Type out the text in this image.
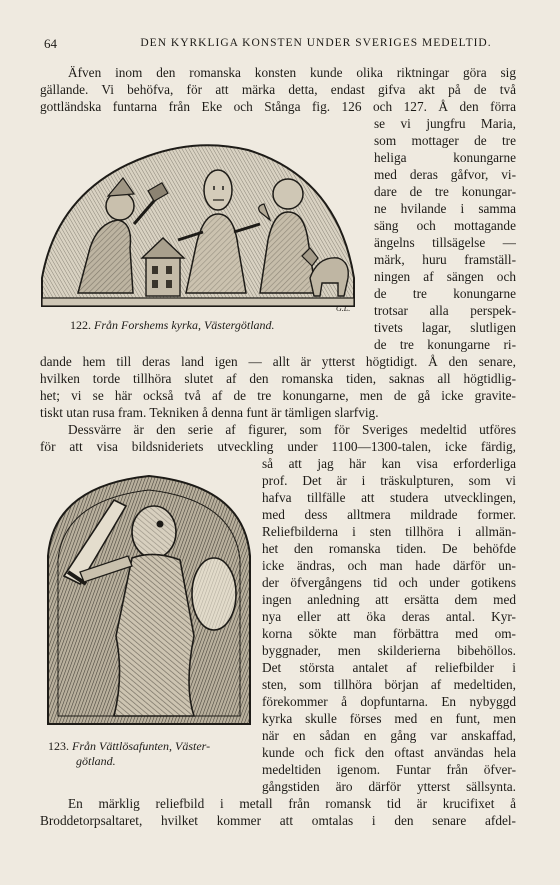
64	DEN KYRKLIGA KONSTEN UNDER SVERIGES MEDELTID.
G.L.
122. Från Forshems kyrka, Västergötland.
123. Från Vättlösafunten, Väster-
götland.
Äfven inom den romanska konsten kunde olika riktningar göra sig
gällande. Vi behöfva, för att märka detta, endast gifva akt på de två
gottländska funtarna från Eke och Stånga fig. 126 och 127. Å den förra
se vi jungfru Maria,
som mottager de tre
heliga konungarne
med deras gåfvor, vi-
dare de tre konungar-
ne hvilande i samma
säng och mottagande
ängelns tillsägelse —
märk, huru framställ-
ningen af sängen och
de tre konungarne
trotsar alla perspek-
tivets lagar, slutligen
de tre konungarne ri-
dande hem till deras land igen — allt är ytterst högtidigt. Å den senare,
hvilken torde tillhöra slutet af den romanska tiden, saknas all högtidlig-
het; vi se här också två af de tre konungarne, men de gå icke gravite-
tiskt utan rusa fram. Tekniken å denna funt är tämligen slarfvig.
Dessvärre är den serie af figurer, som för Sveriges medeltid utföres
för att visa bildsnideriets utveckling under 1100—1300-talen, icke färdig,
så att jag här kan visa erforderliga
prof. Det är i träskulpturen, som vi
hafva tillfälle att studera utvecklingen,
med dess alltmera mildrade former.
Reliefbilderna i sten tillhöra i allmän-
het den romanska tiden. De behöfde
icke ändras, och man hade därför un-
der öfvergångens tid och under gotikens
ingen anledning att ersätta dem med
nya eller att öka deras antal. Kyr-
korna sökte man förbättra med om-
byggnader, men skilderierna bibehöllos.
Det största antalet af reliefbilder i
sten, som tillhöra början af medeltiden,
förekommer å dopfuntarna. En nybyggd
kyrka skulle förses med en funt, men
när en sådan en gång var anskaffad,
kunde och fick den oftast användas hela
medeltiden igenom. Funtar från öfver-
gångstiden äro därför ytterst sällsynta.
En märklig reliefbild i metall från romansk tid är krucifixet å
Broddetorpsaltaret, hvilket kommer att omtalas i den senare afdel-
